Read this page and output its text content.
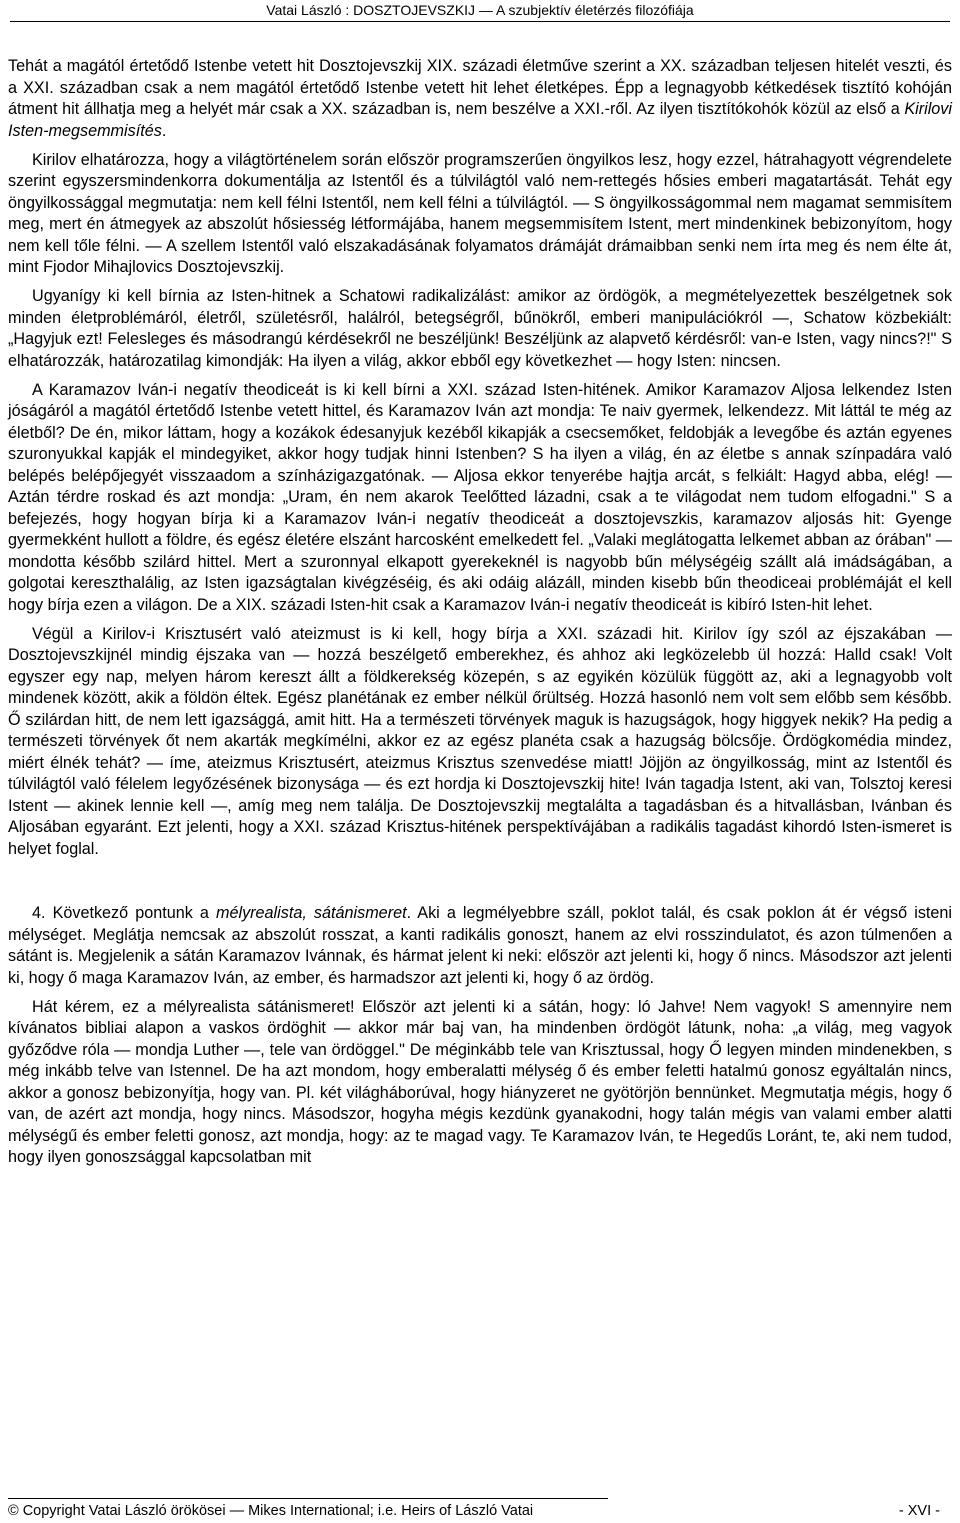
Vatai László : DOSZTOJEVSZKIJ — A szubjektív életérzés filozófiája

Tehát a magától értetődő Istenbe vetett hit Dosztojevszkij XIX. századi életműve szerint a XX. században teljesen hitelét veszti, és a XXI. században csak a nem magától értetődő Istenbe vetett hit lehet életképes. Épp a legnagyobb kétkedések tisztító kohóján átment hit állhatja meg a helyét már csak a XX. században is, nem beszélve a XXI.-ről. Az ilyen tisztítókohók közül az első a Kirilovi Isten-megsemmisítés.

Kirilov elhatározza, hogy a világtörténelem során először programszerűen öngyilkos lesz, hogy ezzel, hátrahagyott végrendelete szerint egyszersmindenkorra dokumentálja az Istentől és a túlvilágtól való nem-rettegés hősies emberi magatartását. Tehát egy öngyilkossággal megmutatja: nem kell félni Istentől, nem kell félni a túlvilágtól. — S öngyilkosságommal nem magamat semmisítem meg, mert én átmegyek az abszolút hősiesség létformájába, hanem megsemmisítem Istent, mert mindenkinek bebizonyítom, hogy nem kell tőle félni. — A szellem Istentől való elszakadásának folyamatos drámáját drámaibban senki nem írta meg és nem élte át, mint Fjodor Mihajlovics Dosztojevszkij.

Ugyanígy ki kell bírnia az Isten-hitnek a Schatowi radikalizálást: amikor az ördögök, a megmételyezettek beszélgetnek sok minden életproblémáról, életről, születésről, halálról, betegségről, bűnökről, emberi manipulációkról —, Schatow közbekiált: „Hagyjuk ezt! Felesleges és másodrangú kérdésekről ne beszéljünk! Beszéljünk az alapvető kérdésről: van-e Isten, vagy nincs?!" S elhatározzák, határozatilag kimondják: Ha ilyen a világ, akkor ebből egy következhet — hogy Isten: nincsen.

A Karamazov Iván-i negatív theodiceát is ki kell bírni a XXI. század Isten-hitének. Amikor Karamazov Aljosa lelkendez Isten jóságáról a magától értetődő Istenbe vetett hittel, és Karamazov Iván azt mondja: Te naiv gyermek, lelkendezz. Mit láttál te még az életből? De én, mikor láttam, hogy a kozákok édesanyjuk kezéből kikapják a csecsemőket, feldobják a levegőbe és aztán egyenes szuronyukkal kapják el mindegyiket, akkor hogy tudjak hinni Istenben? S ha ilyen a világ, én az életbe s annak színpadára való belépés belépőjegyét visszaadom a színházigazgatónak. — Aljosa ekkor tenyerébe hajtja arcát, s felkiált: Hagyd abba, elég! — Aztán térdre roskad és azt mondja: „Uram, én nem akarok Teelőtted lázadni, csak a te világodat nem tudom elfogadni." S a befejezés, hogy hogyan bírja ki a Karamazov Iván-i negatív theodiceát a dosztojevszkis, karamazov aljosás hit: Gyenge gyermekként hullott a földre, és egész életére elszánt harcosként emelkedett fel. „Valaki meglátogatta lelkemet abban az órában" — mondotta később szilárd hittel. Mert a szuronnyal elkapott gyerekeknél is nagyobb bűn mélységéig szállt alá imádságában, a golgotai kereszthalálig, az Isten igazságtalan kivégzéséig, és aki odáig alázáll, minden kisebb bűn theodiceai problémáját el kell hogy bírja ezen a világon. De a XIX. századi Isten-hit csak a Karamazov Iván-i negatív theodiceát is kibíró Isten-hit lehet.

Végül a Kirilov-i Krisztusért való ateizmust is ki kell, hogy bírja a XXI. századi hit. Kirilov így szól az éjszakában — Dosztojevszkijnél mindig éjszaka van — hozzá beszélgető emberekhez, és ahhoz aki legközelebb ül hozzá: Halld csak! Volt egyszer egy nap, melyen három kereszt állt a földkerekség közepén, s az egyikén közülük függött az, aki a legnagyobb volt mindenek között, akik a földön éltek. Egész planétának ez ember nélkül őrültség. Hozzá hasonló nem volt sem előbb sem később. Ő szilárdan hitt, de nem lett igazsággá, amit hitt. Ha a természeti törvények maguk is hazugságok, hogy higgyek nekik? Ha pedig a természeti törvények őt nem akarták megkímélni, akkor ez az egész planéta csak a hazugság bölcsője. Ördögkomédia mindez, miért élnék tehát? — íme, ateizmus Krisztusért, ateizmus Krisztus szenvedése miatt! Jöjjön az öngyilkosság, mint az Istentől és túlvilágtól való félelem legyőzésének bizonysága — és ezt hordja ki Dosztojevszkij hite! Iván tagadja Istent, aki van, Tolsztoj keresi Istent — akinek lennie kell —, amíg meg nem találja. De Dosztojevszkij megtalálta a tagadásban és a hitvallásban, Ivánban és Aljosában egyaránt. Ezt jelenti, hogy a XXI. század Krisztus-hitének perspektívájában a radikális tagadást kihordó Isten-ismeret is helyet foglal.

4. Következő pontunk a mélyrealista, sátánismeret. Aki a legmélyebbre száll, poklot talál, és csak poklon át ér végső isteni mélységet. Meglátja nemcsak az abszolút rosszat, a kanti radikális gonoszt, hanem az elvi rosszindulatot, és azon túlmenően a sátánt is. Megjelenik a sátán Karamazov Ivánnak, és hármat jelent ki neki: először azt jelenti ki, hogy ő nincs. Másodszor azt jelenti ki, hogy ő maga Karamazov Iván, az ember, és harmadszor azt jelenti ki, hogy ő az ördög.

Hát kérem, ez a mélyrealista sátánismeret! Először azt jelenti ki a sátán, hogy: ló Jahve! Nem vagyok! S amennyire nem kívánatos bibliai alapon a vaskos ördöghit — akkor már baj van, ha mindenben ördögöt látunk, noha: „a világ, meg vagyok győződve róla — mondja Luther —, tele van ördöggel." De méginkább tele van Krisztussal, hogy Ő legyen minden mindenekben, s még inkább telve van Istennel. De ha azt mondom, hogy emberalatti mélység ő és ember feletti hatalmú gonosz egyáltalán nincs, akkor a gonosz bebizonyítja, hogy van. Pl. két világháborúval, hogy hiányzeret ne gyötörjön bennünket. Megmutatja mégis, hogy ő van, de azért azt mondja, hogy nincs. Másodszor, hogyha mégis kezdünk gyanakodni, hogy talán mégis van valami ember alatti mélységű és ember feletti gonosz, azt mondja, hogy: az te magad vagy. Te Karamazov Iván, te Hegedűs Loránt, te, aki nem tudod, hogy ilyen gonoszsággal kapcsolatban mit

© Copyright Vatai László örökösei — Mikes International; i.e. Heirs of László Vatai	- XVI -
